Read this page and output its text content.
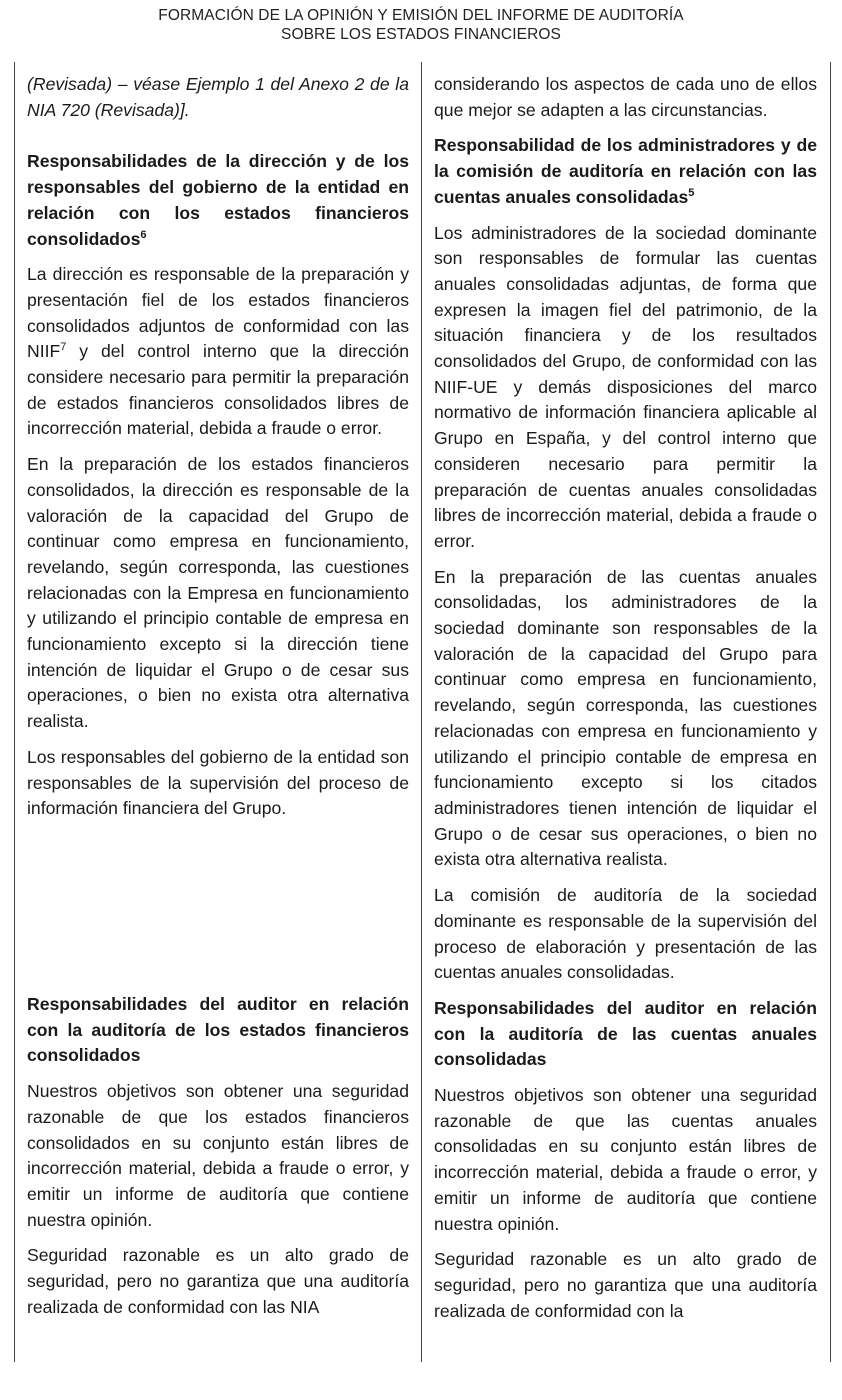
FORMACIÓN DE LA OPINIÓN Y EMISIÓN DEL INFORME DE AUDITORÍA
SOBRE LOS ESTADOS FINANCIEROS

(Revisada) – véase Ejemplo 1 del Anexo 2 de la NIA 720 (Revisada)].

Responsabilidades de la dirección y de los responsables del gobierno de la entidad en relación con los estados financieros consolidados$^6$

La dirección es responsable de la preparación y presentación fiel de los estados financieros consolidados adjuntos de conformidad con las NIIF$^7$ y del control interno que la dirección considere necesario para permitir la preparación de estados financieros consolidados libres de incorrección material, debida a fraude o error.

En la preparación de los estados financieros consolidados, la dirección es responsable de la valoración de la capacidad del Grupo de continuar como empresa en funcionamiento, revelando, según corresponda, las cuestiones relacionadas con la Empresa en funcionamiento y utilizando el principio contable de empresa en funcionamiento excepto si la dirección tiene intención de liquidar el Grupo o de cesar sus operaciones, o bien no exista otra alternativa realista.

Los responsables del gobierno de la entidad son responsables de la supervisión del proceso de información financiera del Grupo.

Responsabilidades del auditor en relación con la auditoría de los estados financieros consolidados

Nuestros objetivos son obtener una seguridad razonable de que los estados financieros consolidados en su conjunto están libres de incorrección material, debida a fraude o error, y emitir un informe de auditoría que contiene nuestra opinión.

Seguridad razonable es un alto grado de seguridad, pero no garantiza que una auditoría realizada de conformidad con las NIA

considerando los aspectos de cada uno de ellos que mejor se adapten a las circunstancias.

Responsabilidad de los administradores y de la comisión de auditoría en relación con las cuentas anuales consolidadas$^5$

Los administradores de la sociedad dominante son responsables de formular las cuentas anuales consolidadas adjuntas, de forma que expresen la imagen fiel del patrimonio, de la situación financiera y de los resultados consolidados del Grupo, de conformidad con las NIIF-UE y demás disposiciones del marco normativo de información financiera aplicable al Grupo en España, y del control interno que consideren necesario para permitir la preparación de cuentas anuales consolidadas libres de incorrección material, debida a fraude o error.

En la preparación de las cuentas anuales consolidadas, los administradores de la sociedad dominante son responsables de la valoración de la capacidad del Grupo para continuar como empresa en funcionamiento, revelando, según corresponda, las cuestiones relacionadas con empresa en funcionamiento y utilizando el principio contable de empresa en funcionamiento excepto si los citados administradores tienen intención de liquidar el Grupo o de cesar sus operaciones, o bien no exista otra alternativa realista.

La comisión de auditoría de la sociedad dominante es responsable de la supervisión del proceso de elaboración y presentación de las cuentas anuales consolidadas.

Responsabilidades del auditor en relación con la auditoría de las cuentas anuales consolidadas

Nuestros objetivos son obtener una seguridad razonable de que las cuentas anuales consolidadas en su conjunto están libres de incorrección material, debida a fraude o error, y emitir un informe de auditoría que contiene nuestra opinión.

Seguridad razonable es un alto grado de seguridad, pero no garantiza que una auditoría realizada de conformidad con la
